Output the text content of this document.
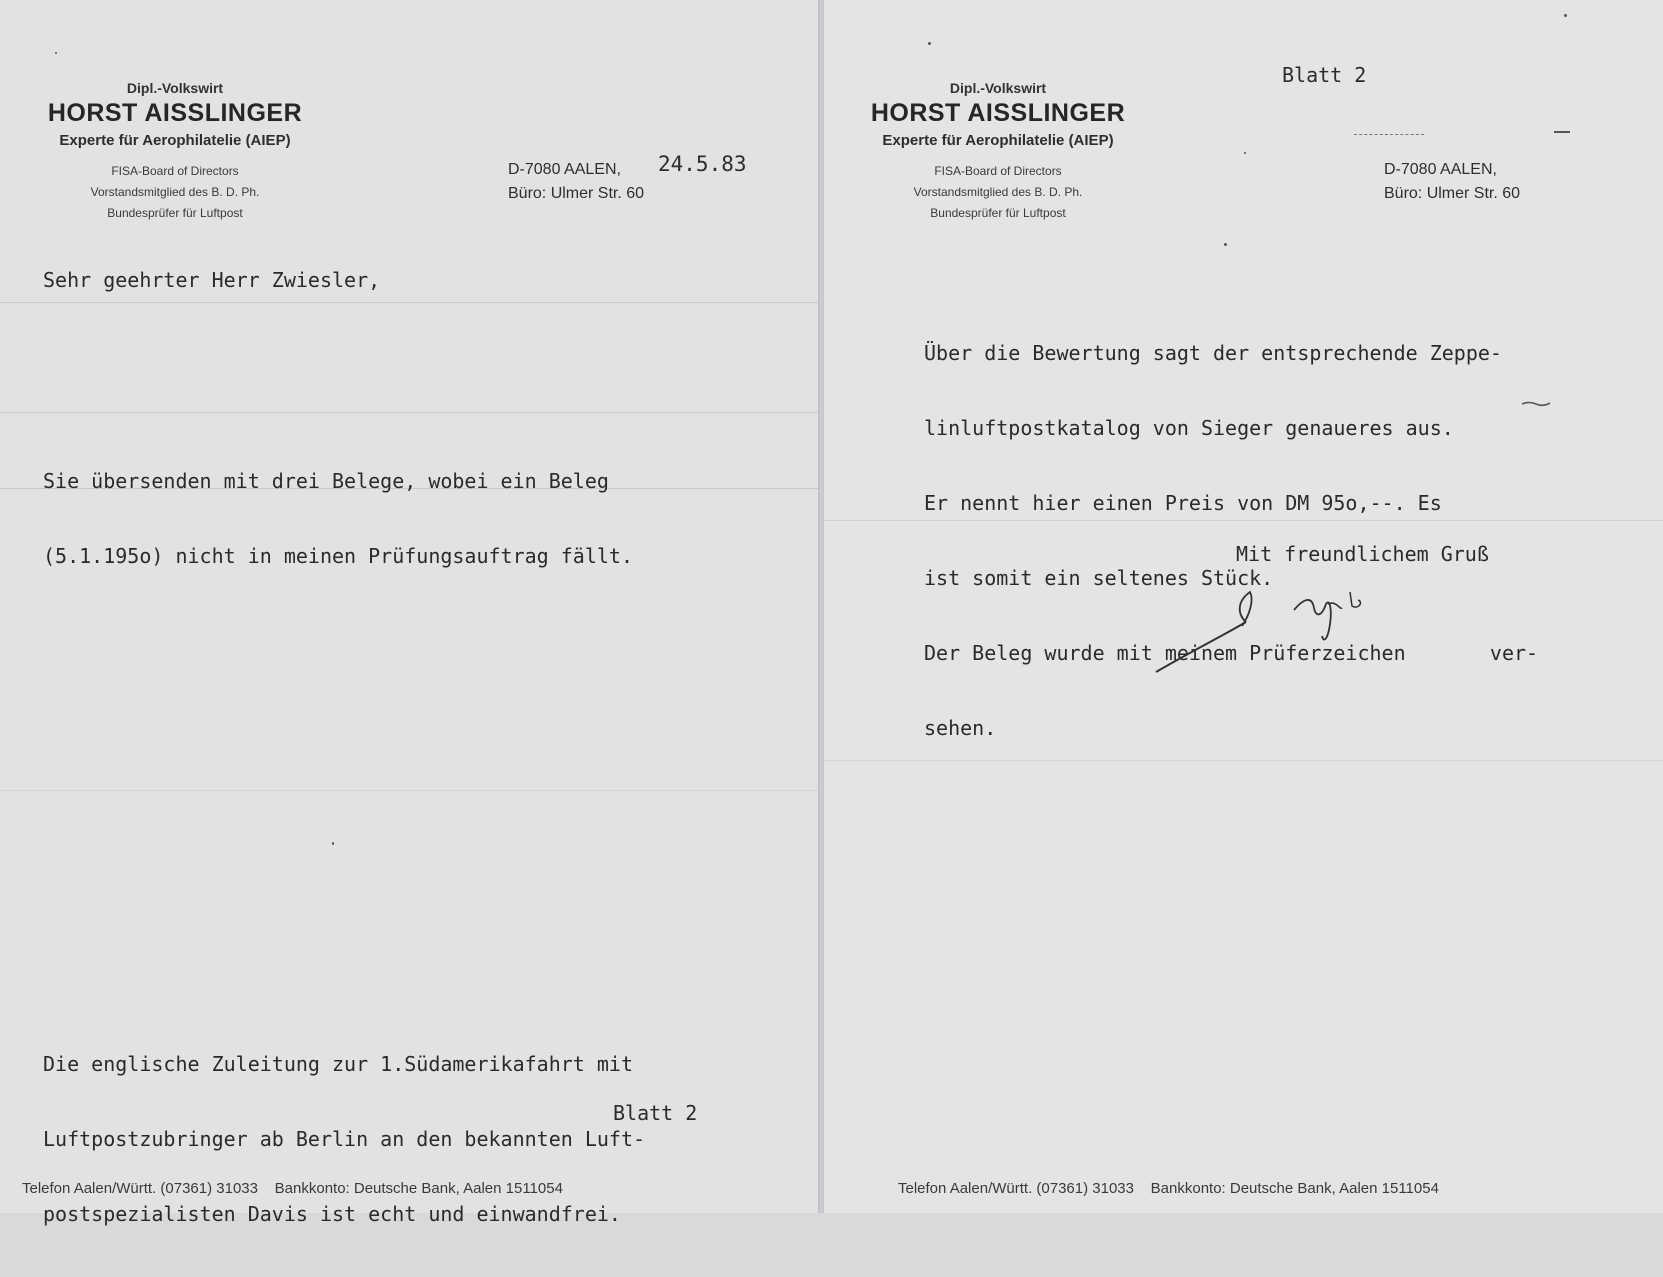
Dipl.-Volkswirt
HORST AISSLINGER
Experte für Aerophilatelie (AIEP)
FISA-Board of Directors
Vorstandsmitglied des B. D. Ph.
Bundesprüfer für Luftpost
D-7080 AALEN,
Büro: Ulmer Str. 60
24.5.83
Sehr geehrter Herr Zwiesler,

Sie übersenden mit drei Belege, wobei ein Beleg

(5.1.195o) nicht in meinen Prüfungsauftrag fällt.

Die englische Zuleitung zur 1.Südamerikafahrt mit

Luftpostzubringer ab Berlin an den bekannten Luft-

postspezialisten Davis ist echt und einwandfrei.

Blatt 2
Telefon Aalen/Württ. (07361) 31033    Bankkonto: Deutsche Bank, Aalen 1511054
Blatt 2
Dipl.-Volkswirt
HORST AISSLINGER
Experte für Aerophilatelie (AIEP)
FISA-Board of Directors
Vorstandsmitglied des B. D. Ph.
Bundesprüfer für Luftpost
D-7080 AALEN,
Büro: Ulmer Str. 60

Über die Bewertung sagt der entsprechende Zeppe-

linluftpostkatalog von Sieger genaueres aus.

Er nennt hier einen Preis von DM 95o,--. Es

ist somit ein seltenes Stück.

Der Beleg wurde mit meinem Prüferzeichen       ver-

sehen.

Mit freundlichem Gruß
Telefon Aalen/Württ. (07361) 31033    Bankkonto: Deutsche Bank, Aalen 1511054
